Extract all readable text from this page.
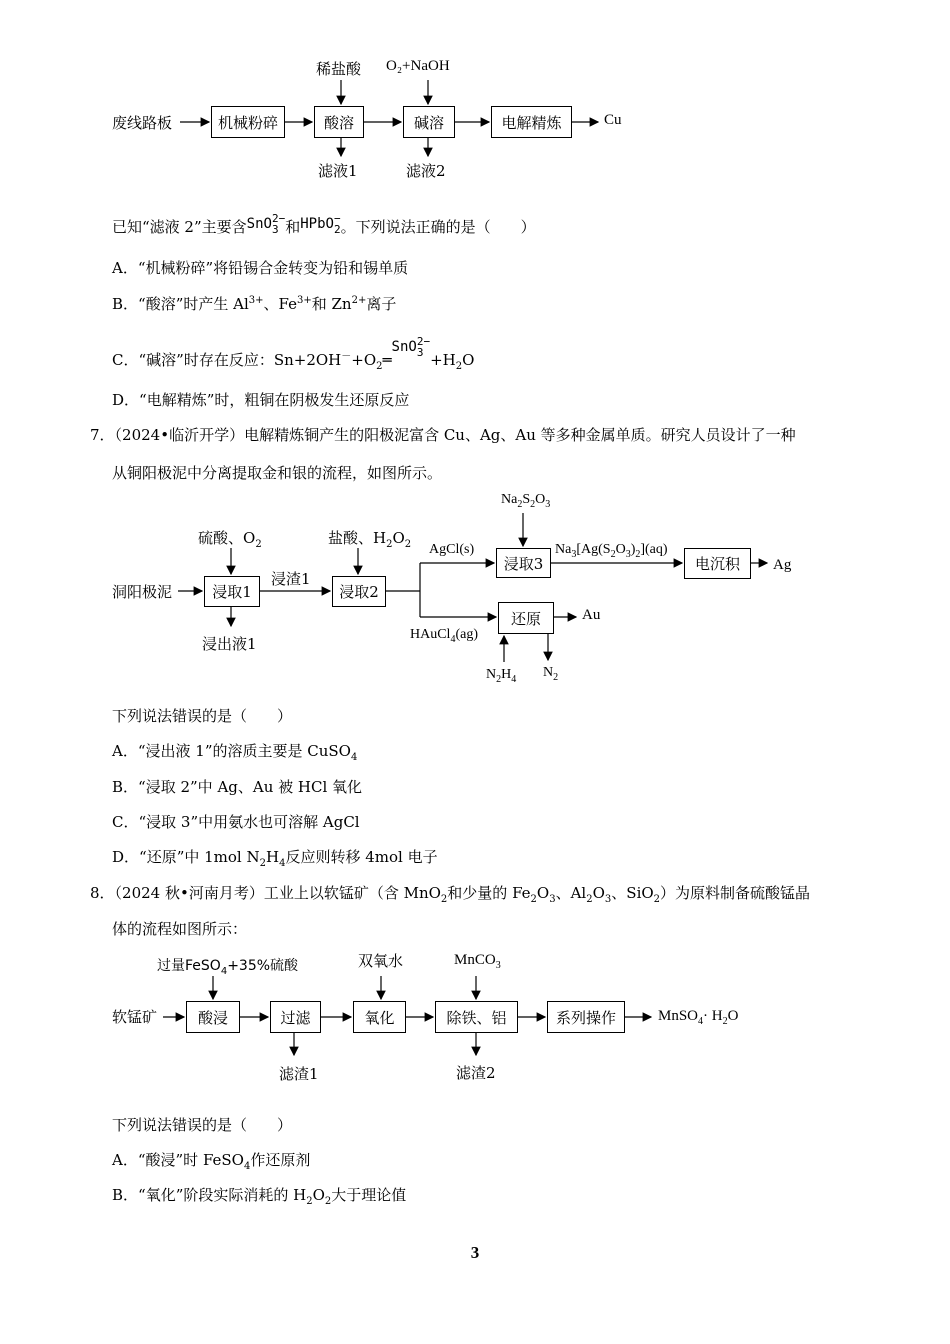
废线路板	机械粉碎	酸溶	碱溶	电解精炼	Cu
稀盐酸 O₂+NaOH
滤液1	滤液2
已知“滤液 2”主要含SnO 2−
3 和HPbO −
2 。下列说法正确的是（　　）
A．“机械粉碎”将铅锡合金转变为铅和锡单质
B．“酸溶”时产生 $Al^{3+}$、$Fe^{3+}$和 $Zn^{2+}$离子
C．“碱溶”时存在反应：$Sn+2OH^-+O_2═SnO$ 2−
$3 +H_2O$
D．“电解精炼”时，粗铜在阴极发生还原反应
7．（2024•临沂开学）电解精炼铜产生的阳极泥富含 Cu、Ag、Au 等多种金属单质。研究人员设计了一种
从铜阳极泥中分离提取金和银的流程，如图所示。
洞阳极泥	浸取1	浸取2
浸取3
还原
电沉积	Ag
Au
硫酸、$O_2$	盐酸、$H_2O_2$
浸渣1
浸出液1
AgCl(s)
HAuCl$_4$(ag)
$Na_2S_2O_3$
$Na_3[Ag(S_2O_3)_2](aq)$
$N_2H_4$ $N_2$
下列说法错误的是（　　）
A．“浸出液 1”的溶质主要是 CuSO$_4$
B．“浸取 2”中 Ag、Au 被 HCl 氧化
C．“浸取 3”中用氨水也可溶解 AgCl
D．“还原”中 1mol $N_2H_4$反应则转移 4mol 电子
8．（2024 秋•河南月考）工业上以软锰矿（含 MnO$_2$和少量的 $Fe_2O_3$、$Al_2O_3$、SiO$_2$）为原料制备硫酸锰晶
体的流程如图所示：
软锰矿	酸浸	过滤	氧化	除铁、铝	系列操作
过量FeSO$_4$+35%硫酸	双氧水	MnCO$_3$
滤渣1	滤渣2
MnSO$_4$· $H_2O$
下列说法错误的是（　　）
A．“酸浸”时 FeSO$_4$作还原剂
B．“氧化”阶段实际消耗的 $H_2O_2$大于理论值
3
